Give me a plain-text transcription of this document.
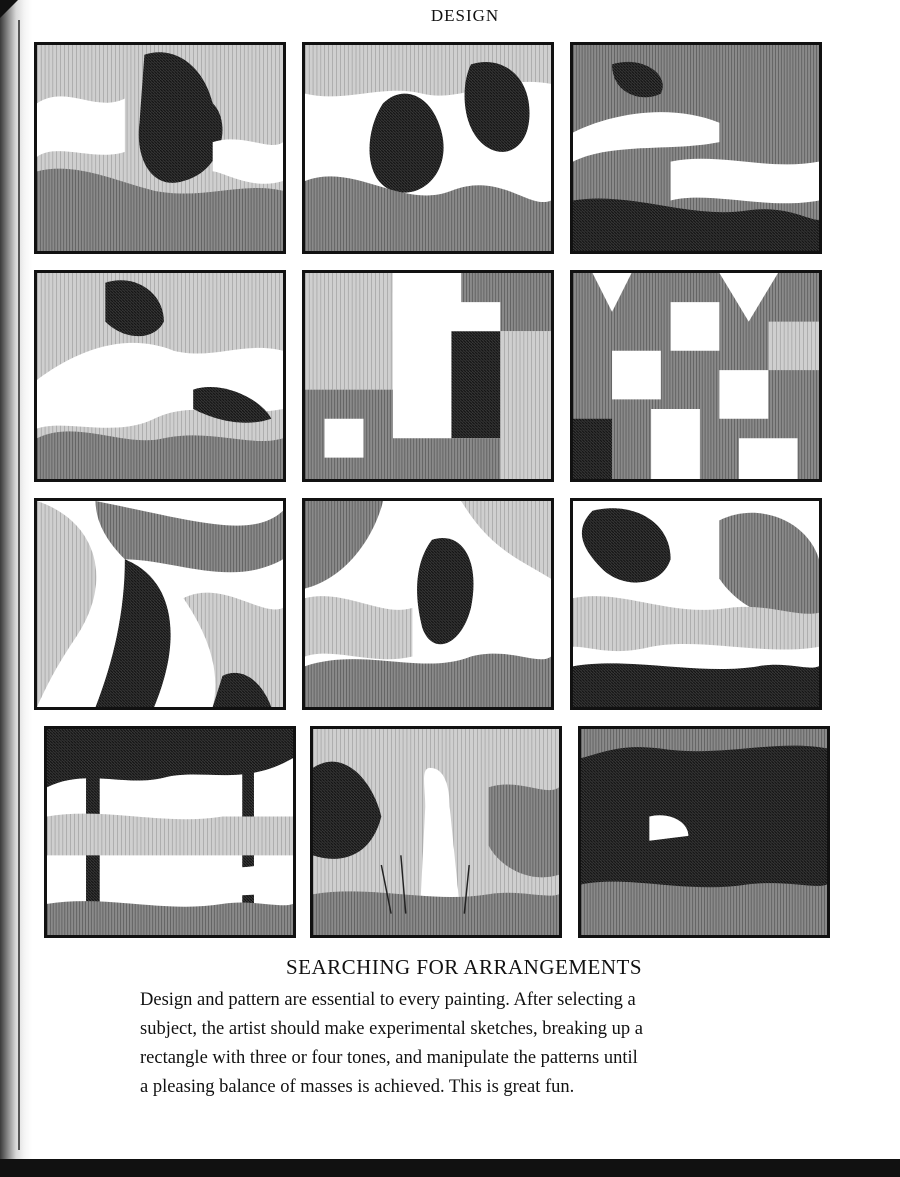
DESIGN
SEARCHING FOR ARRANGEMENTS

Design and pattern are essential to every painting. After selecting a
subject, the artist should make experimental sketches, breaking up a
rectangle with three or four tones, and manipulate the patterns until
a pleasing balance of masses is achieved. This is great fun.
